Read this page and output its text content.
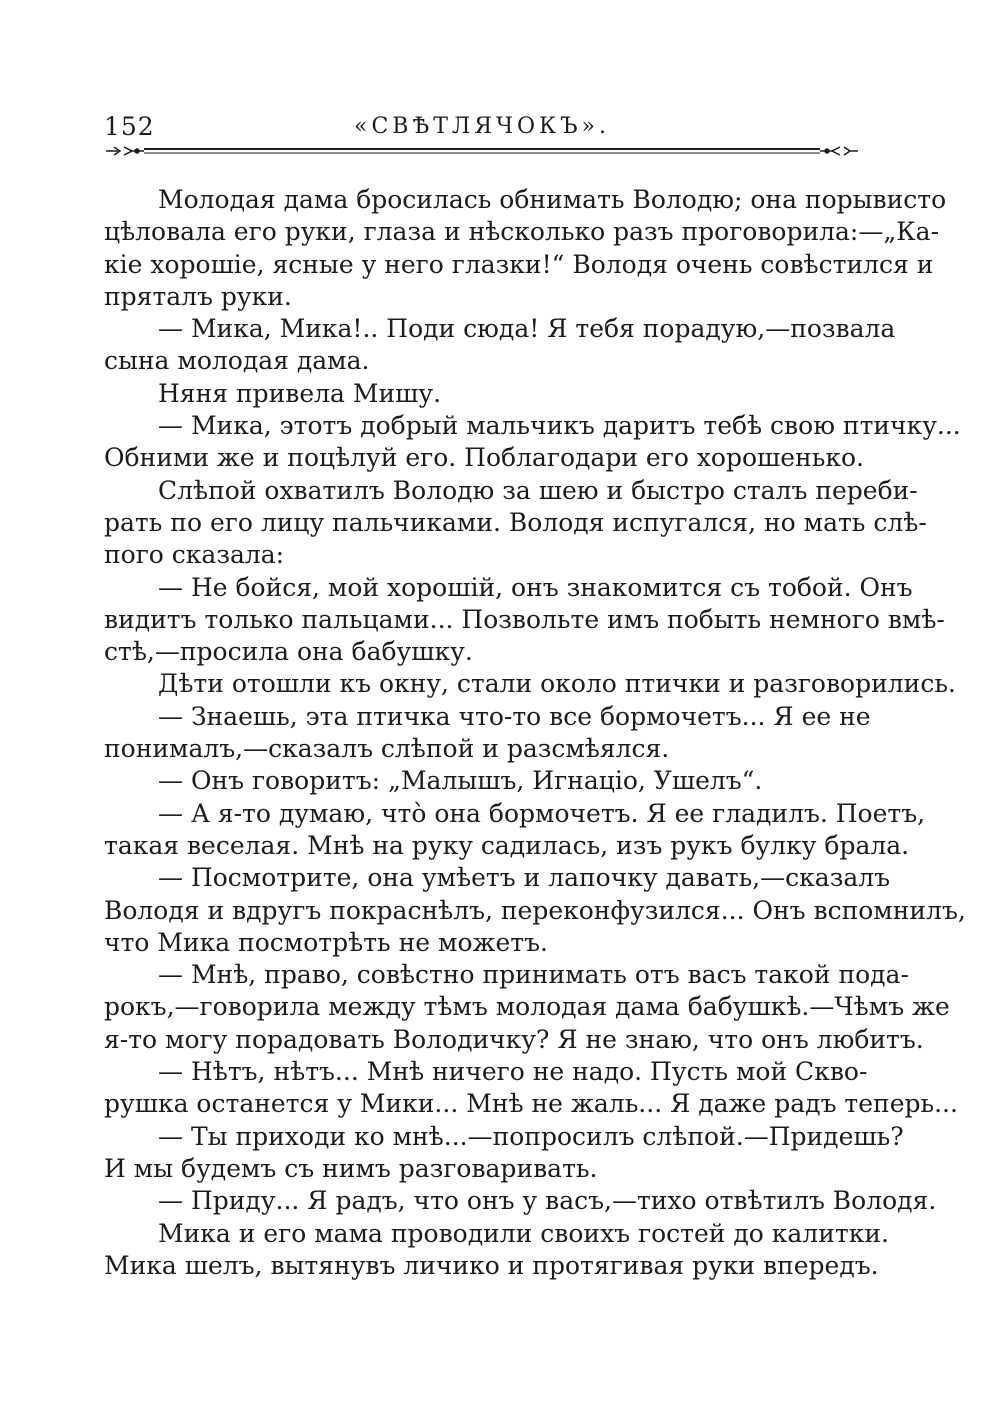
152	«СВѢТЛЯЧОКЪ».
Молодая дама бросилась обнимать Володю; она порывисто
цѣловала его руки, глаза и нѣсколько разъ проговорила:—„Ка-
кіе хорошіе, ясные у него глазки!“ Володя очень совѣстился и
пряталъ руки.
— Мика, Мика!.. Поди сюда! Я тебя порадую,—позвала
сына молодая дама.
Няня привела Мишу.
— Мика, этотъ добрый мальчикъ даритъ тебѣ свою птичку...
Обними же и поцѣлуй его. Поблагодари его хорошенько.
Слѣпой охватилъ Володю за шею и быстро сталъ переби-
рать по его лицу пальчиками. Володя испугался, но мать слѣ-
пого сказала:
— Не бойся, мой хорошій, онъ знакомится съ тобой. Онъ
видитъ только пальцами... Позвольте имъ побыть немного вмѣ-
стѣ,—просила она бабушку.
Дѣти отошли къ окну, стали около птички и разговорились.
— Знаешь, эта птичка что-то все бормочетъ... Я ее не
понималъ,—сказалъ слѣпой и разсмѣялся.
— Онъ говоритъ: „Малышъ, Игнаціо, Ушелъ“.
— А я-то думаю, что̀ она бормочетъ. Я ее гладилъ. Поетъ,
такая веселая. Мнѣ на руку садилась, изъ рукъ булку брала.
— Посмотрите, она умѣетъ и лапочку давать,—сказалъ
Володя и вдругъ покраснѣлъ, переконфузился... Онъ вспомнилъ,
что Мика посмотрѣть не можетъ.
— Мнѣ, право, совѣстно принимать отъ васъ такой пода-
рокъ,—говорила между тѣмъ молодая дама бабушкѣ.—Чѣмъ же
я-то могу порадовать Володичку? Я не знаю, что онъ любитъ.
— Нѣтъ, нѣтъ... Мнѣ ничего не надо. Пусть мой Скво-
рушка останется у Мики... Мнѣ не жаль... Я даже радъ теперь...
— Ты приходи ко мнѣ...—попросилъ слѣпой.—Придешь?
И мы будемъ съ нимъ разговаривать.
— Приду... Я радъ, что онъ у васъ,—тихо отвѣтилъ Володя.
Мика и его мама проводили своихъ гостей до калитки.
Мика шелъ, вытянувъ личико и протягивая руки впередъ.
